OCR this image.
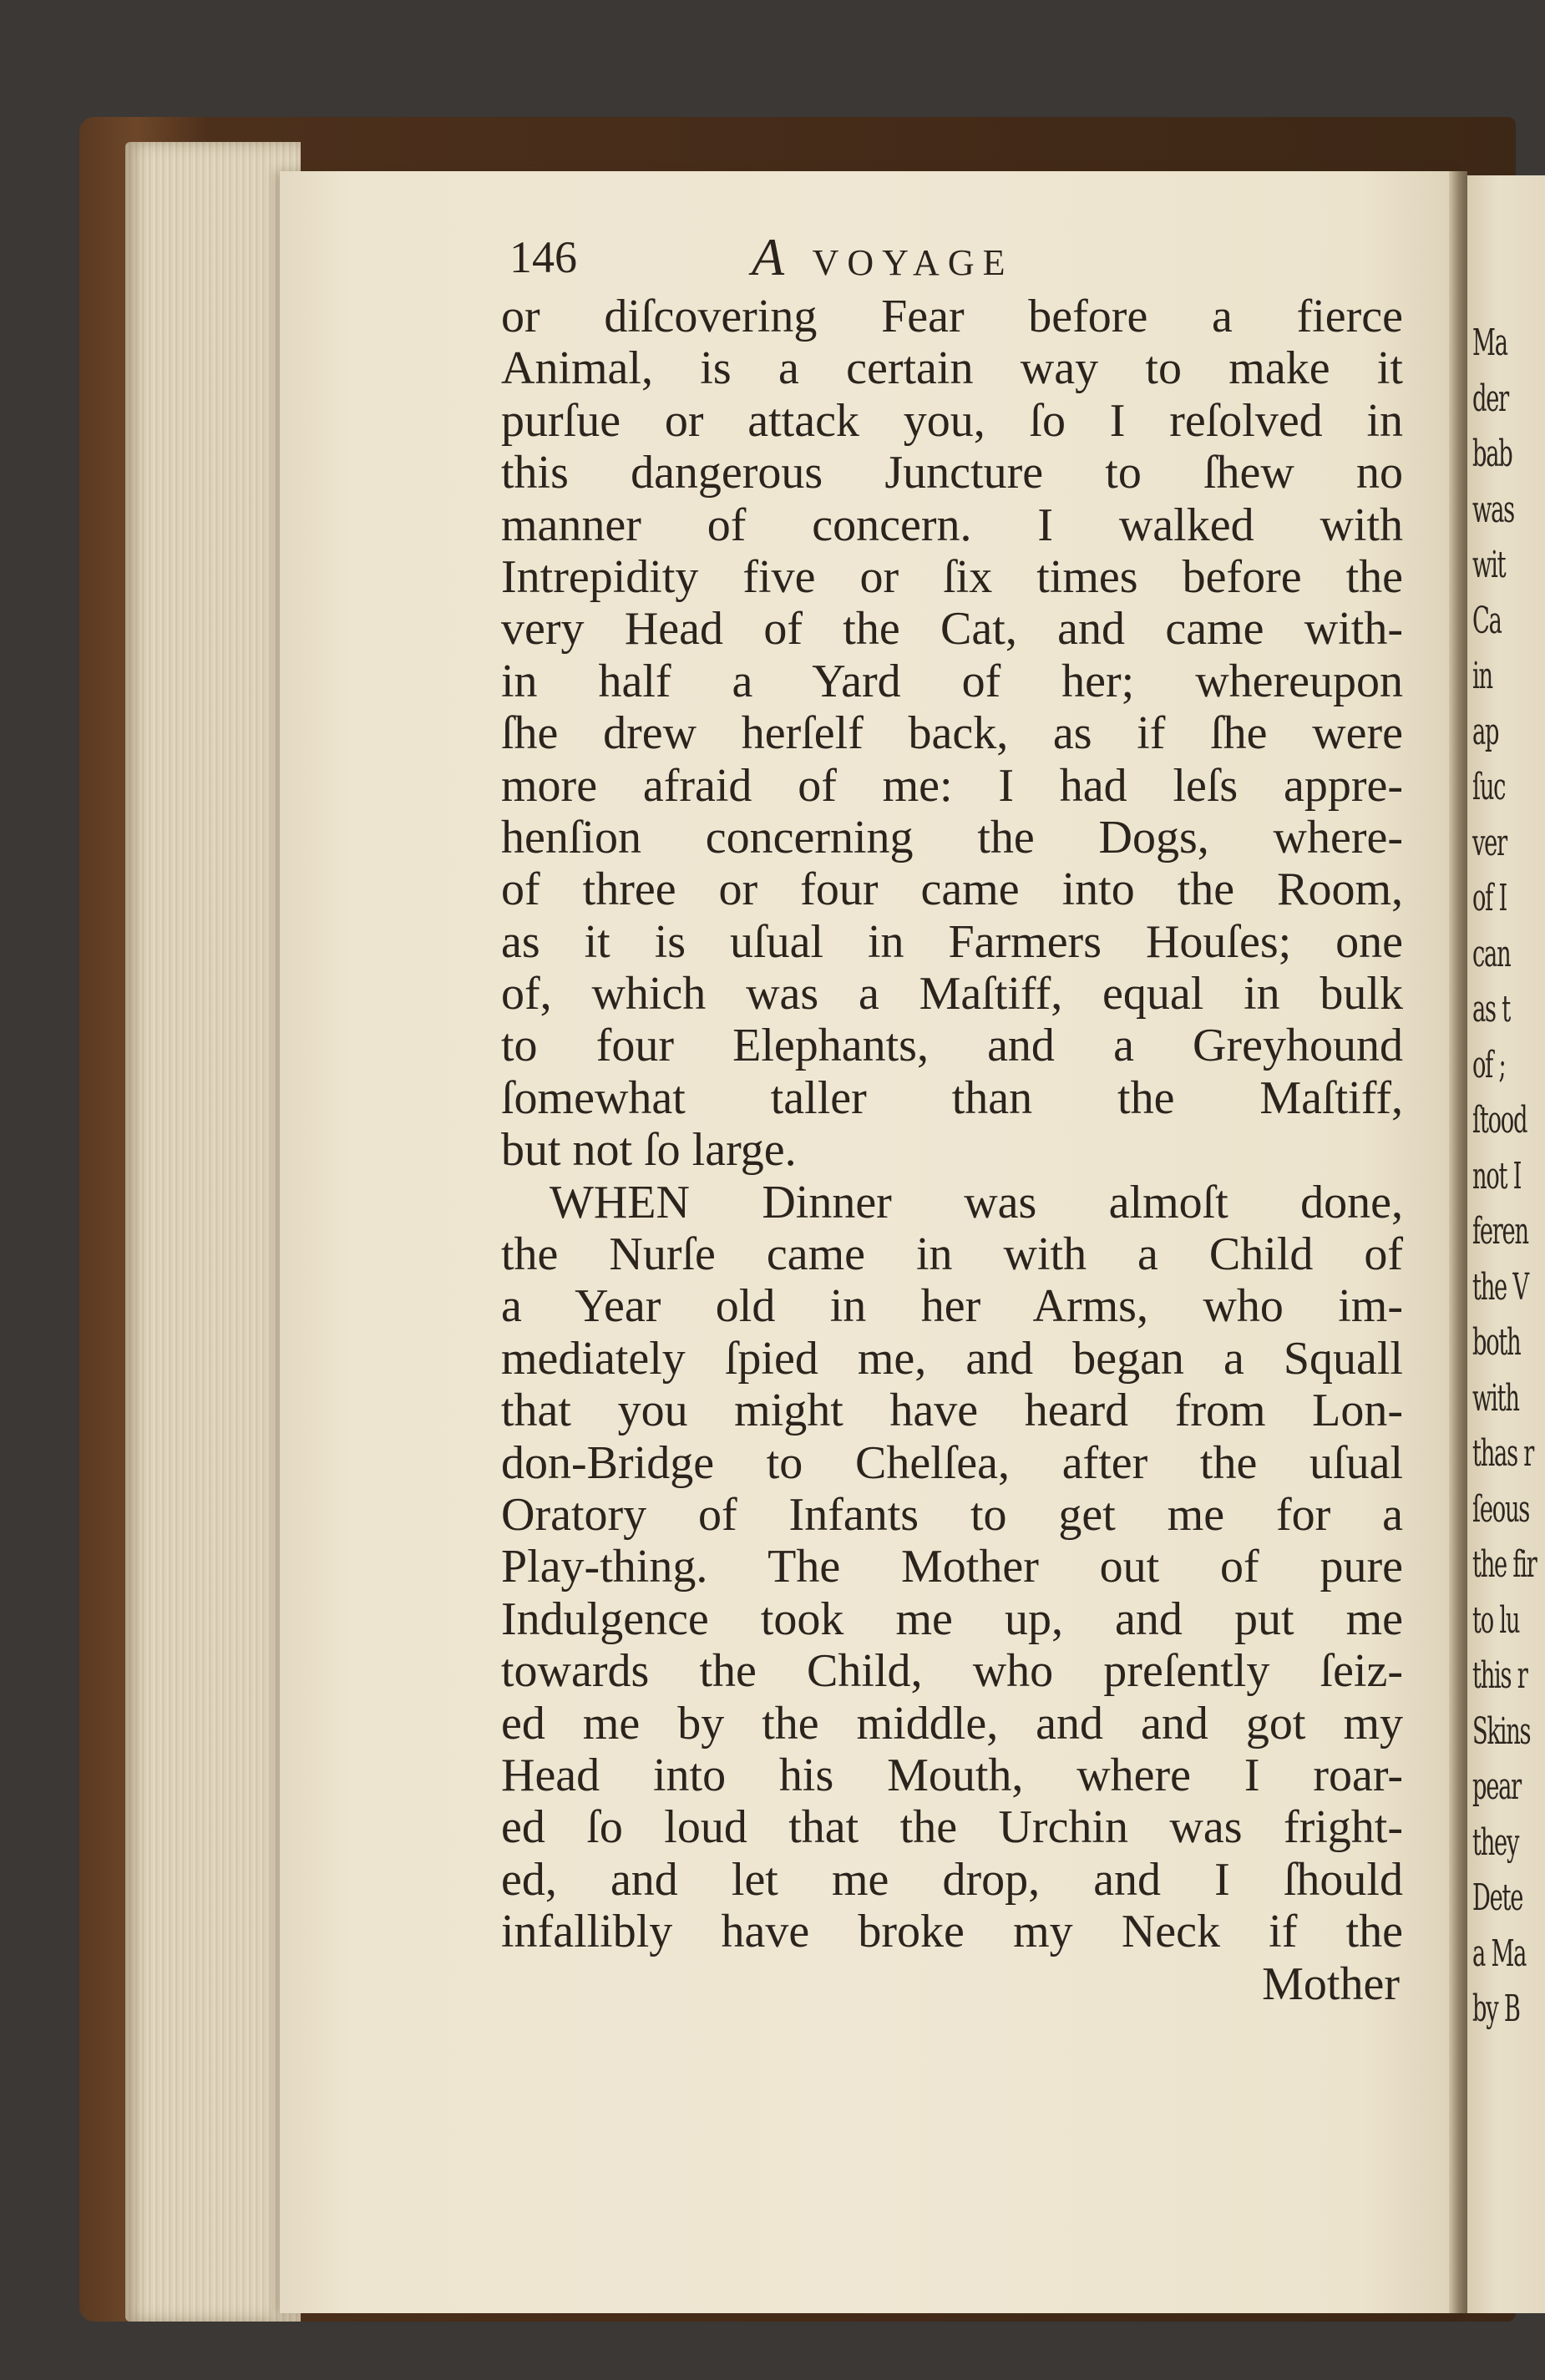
146	A VOYAGE
or diſcovering Fear before a fierce
Animal, is a certain way to make it
purſue or attack you, ſo I reſolved in
this dangerous Juncture to ſhew no
manner of concern. I walked with
Intrepidity five or ſix times before the
very Head of the Cat, and came with-
in half a Yard of her; whereupon
ſhe drew herſelf back, as if ſhe were
more afraid of me: I had leſs appre-
henſion concerning the Dogs, where-
of three or four came into the Room,
as it is uſual in Farmers Houſes; one
of, which was a Maſtiff, equal in bulk
to four Elephants, and a Greyhound
ſomewhat taller than the Maſtiff,
but not ſo large.
WHEN Dinner was almoſt done,
the Nurſe came in with a Child of
a Year old in her Arms, who im-
mediately ſpied me, and began a Squall
that you might have heard from Lon-
don-Bridge to Chelſea, after the uſual
Oratory of Infants to get me for a
Play-thing. The Mother out of pure
Indulgence took me up, and put me
towards the Child, who preſently ſeiz-
ed me by the middle, and and got my
Head into his Mouth, where I roar-
ed ſo loud that the Urchin was fright-
ed, and let me drop, and I ſhould
infallibly have broke my Neck if the
Mother
Ma
der
bab
was
wit
Ca
in
ap
ſuc
ver
of I
can
as t
of ;
ſtood
not I
feren
the V
both
with
thas r
ſeous
the fir
to lu
this r
Skins
pear
they
Dete
a Ma
by B
